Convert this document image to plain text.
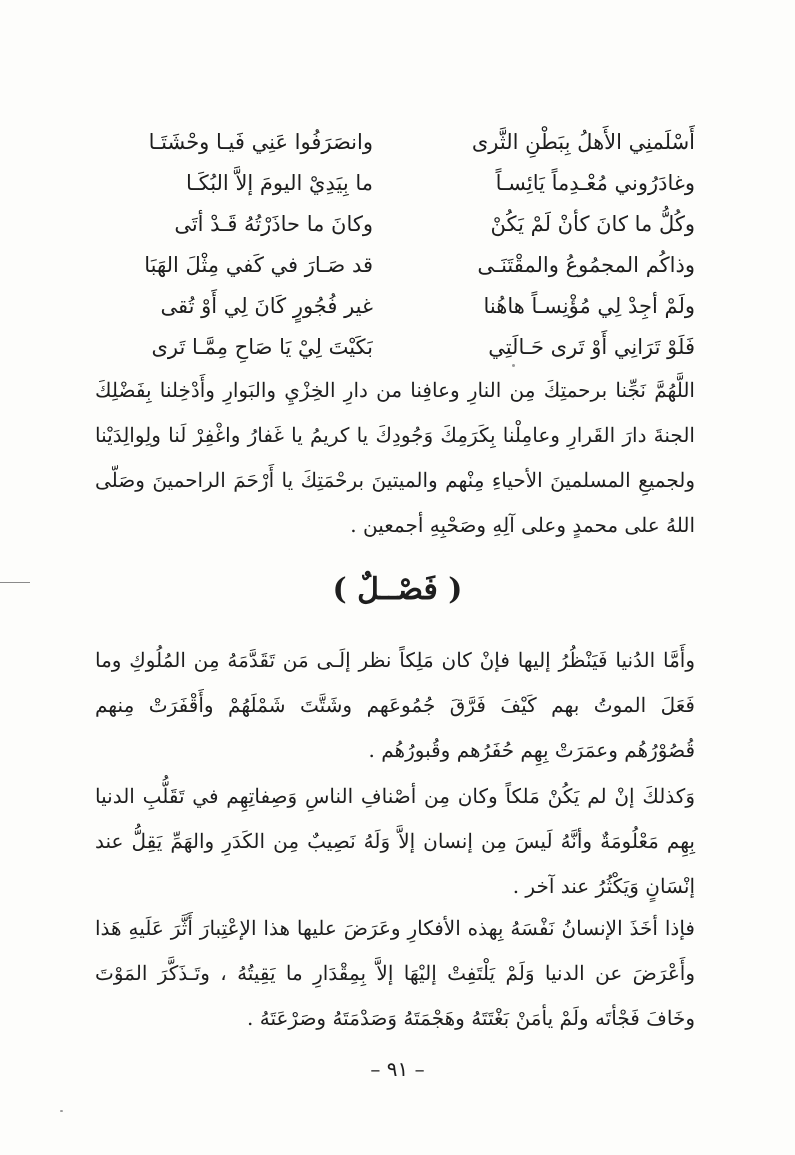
أَسْلَمنِي الأَهلُ بِبَطْنِ الثَّرى
وانصَرَفُوا عَنِي فَيـا وحْشَتَـا
وغادَرُوني مُعْـدِماً يَائِسـاً
ما بِيَدِيْ اليومَ إلاَّ البُكَـا
وكُلُّ ما كانَ كأنْ لَمْ يَكُنْ
وكانَ ما حاذَرْتُهُ قَـدْ أتَى
وذاكُم المجمُوعُ والمقْتَنَـى
قد صَـارَ في كَفي مِثْلَ الهَبَا
ولَمْ أجِدْ لِي مُؤْنِسـاً هاهُنا
غير فُجُورٍ كَانَ لِي أَوْ تُقى
فَلَوْ تَرَانِي أَوْ تَرى حَـالَتِي
بَكَيْتَ لِيْ يَا صَاحِ مِمَّـا تَرى
اللَّهُمَّ نَجِّنا برحمتِكَ مِن النارِ وعافِنا من دارِ الخِزْيِ والبَوارِ وأَدْخِلنا بِفَضْلِكَ الجنةَ دارَ القَرارِ وعامِلْنا بِكَرَمِكَ وَجُودِكَ يا كريمُ يا غَفارُ واغْفِرْ لَنا ولِوالِدَيْنا ولجميعِ المسلمينَ الأحياءِ مِنْهم والميتينَ برحْمَتِكَ يا أَرْحَمَ الراحمينَ وصَلّى اللهُ على محمدٍ وعلى آلِهِ وصَحْبِهِ أجمعين .
( فَصْــلٌ )
وأَمَّا الدُنيا فَيَنْظُرُ إليها فإنْ كان مَلِكاً نظر إلَـى مَن تَقَدَّمَهُ مِن المُلُوكِ وما فَعَلَ الموتُ بهم كَيْفَ فَرَّقَ جُمُوعَهم وشَتَّتَ شَمْلَهُمْ وأَقْفَرَتْ مِنهم قُصُوْرُهُم وعمَرَتْ بِهِم حُفَرُهم وقُبورُهُم .
وَكذلكَ إنْ لم يَكُنْ مَلكاً وكان مِن أصْنافِ الناسِ وَصِفاتِهِم في تَقَلُّبِ الدنيا بِهِم مَعْلُومَةٌ وأنَّهُ لَيسَ مِن إنسان إلاَّ وَلَهُ نَصِيبٌ مِن الكَدَرِ والهَمِّ يَقِلُّ عند إنْسَانٍ وَيَكْثُرُ عند آخر .
فإذا أخَذَ الإنسانُ نَفْسَهُ بِهذه الأفكارِ وعَرَضَ عليها هذا الإعْتِبارَ أَثَّرَ عَلَيهِ هَذا وأَعْرَضَ عن الدنيا وَلَمْ يَلْتَفِتْ إليْهَا إلاَّ بِمِقْدَارِ ما يَقِيتُهُ ، وتَـذَكَّرَ المَوْتَ وخَافَ فَجْأتَه ولَمْ يأمَنْ بَغْتَتَهُ وهَجْمَتَهُ وَصَدْمَتَهُ وصَرْعَتَهُ .
– ٩١ –
